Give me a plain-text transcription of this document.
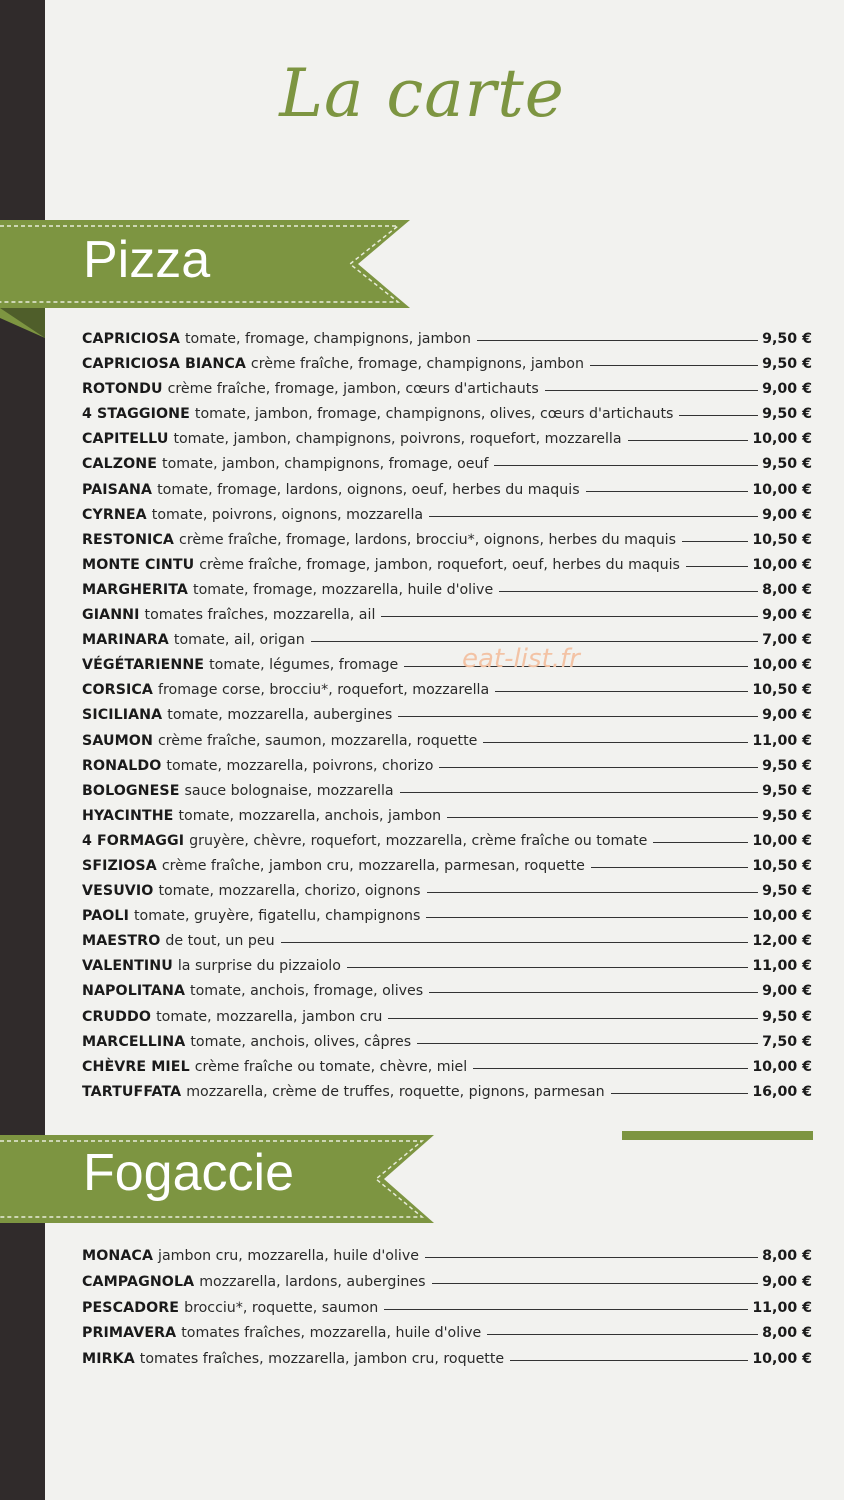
La carte
Pizza
CAPRICIOSA tomate, fromage, champignons, jambon	9,50 €
CAPRICIOSA BIANCA crème fraîche, fromage, champignons, jambon	9,50 €
ROTONDU crème fraîche, fromage, jambon, cœurs d'artichauts	9,00 €
4 STAGGIONE tomate, jambon, fromage, champignons, olives, cœurs d'artichauts	9,50 €
CAPITELLU tomate, jambon, champignons, poivrons, roquefort, mozzarella	10,00 €
CALZONE tomate, jambon, champignons, fromage, oeuf	9,50 €
PAISANA tomate, fromage, lardons, oignons, oeuf, herbes du maquis	10,00 €
CYRNEA tomate, poivrons, oignons, mozzarella	9,00 €
RESTONICA crème fraîche, fromage, lardons, brocciu*, oignons, herbes du maquis	10,50 €
MONTE CINTU crème fraîche, fromage, jambon, roquefort, oeuf, herbes du maquis	10,00 €
MARGHERITA tomate, fromage, mozzarella, huile d'olive	8,00 €
GIANNI tomates fraîches, mozzarella, ail	9,00 €
MARINARA tomate, ail, origan	7,00 €
VÉGÉTARIENNE tomate, légumes, fromage	10,00 €
CORSICA fromage corse, brocciu*, roquefort, mozzarella	10,50 €
SICILIANA tomate, mozzarella, aubergines	9,00 €
SAUMON crème fraîche, saumon, mozzarella, roquette	11,00 €
RONALDO tomate, mozzarella, poivrons, chorizo	9,50 €
BOLOGNESE sauce bolognaise, mozzarella	9,50 €
HYACINTHE tomate, mozzarella, anchois, jambon	9,50 €
4 FORMAGGI gruyère, chèvre, roquefort, mozzarella, crème fraîche ou tomate	10,00 €
SFIZIOSA crème fraîche, jambon cru, mozzarella, parmesan, roquette	10,50 €
VESUVIO tomate, mozzarella, chorizo, oignons	9,50 €
PAOLI tomate, gruyère, figatellu, champignons	10,00 €
MAESTRO de tout, un peu	12,00 €
VALENTINU la surprise du pizzaiolo	11,00 €
NAPOLITANA tomate, anchois, fromage, olives	9,00 €
CRUDDO tomate, mozzarella, jambon cru	9,50 €
MARCELLINA tomate, anchois, olives, câpres	7,50 €
CHÈVRE MIEL crème fraîche ou tomate, chèvre, miel	10,00 €
TARTUFFATA mozzarella, crème de truffes, roquette, pignons, parmesan	16,00 €
eat-list.fr
Fogaccie
MONACA jambon cru, mozzarella, huile d'olive	8,00 €
CAMPAGNOLA mozzarella, lardons, aubergines	9,00 €
PESCADORE brocciu*, roquette, saumon	11,00 €
PRIMAVERA tomates fraîches, mozzarella, huile d'olive	8,00 €
MIRKA tomates fraîches, mozzarella, jambon cru, roquette	10,00 €
